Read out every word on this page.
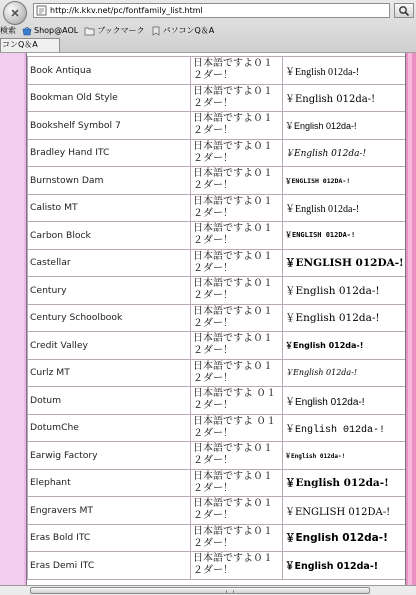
http://k.kkv.net/pc/fontfamily_list.html
検索 Shop@AOL ブックマーク パソコンQ＆A
コンQ＆A
Book Antiqua	日本語ですよ０１２ダー！	￥English 012da-!
Bookman Old Style	日本語ですよ０１２ダー！	￥English 012da-!
Bookshelf Symbol 7	日本語ですよ０１２ダー！	￥English 012da-!
Bradley Hand ITC	日本語ですよ０１２ダー！	￥English 012da-!
Burnstown Dam	日本語ですよ０１２ダー！	￥ENGLISH 012DA-!
Calisto MT	日本語ですよ０１２ダー！	￥English 012da-!
Carbon Block	日本語ですよ０１２ダー！	￥ENGLISH 012DA-!
Castellar	日本語ですよ０１２ダー！	￥ENGLISH 012DA-!
Century	日本語ですよ０１２ダー！	￥English 012da-!
Century Schoolbook	日本語ですよ０１２ダー！	￥English 012da-!
Credit Valley	日本語ですよ０１２ダー！	￥English 012da-!
Curlz MT	日本語ですよ０１２ダー！	￥English 012da-!
Dotum	日本語ですよ ０１２ダー！	￥English 012da-!
DotumChe	日本語ですよ ０１２ダー！	￥English 012da-!
Earwig Factory	日本語ですよ０１２ダー！	￥English 012da-!
Elephant	日本語ですよ０１２ダー！	￥English 012da-!
Engravers MT	日本語ですよ０１２ダー！	￥ENGLISH 012DA-!
Eras Bold ITC	日本語ですよ０１２ダー！	￥English 012da-!
Eras Demi ITC	日本語ですよ０１２ダー！	￥English 012da-!
